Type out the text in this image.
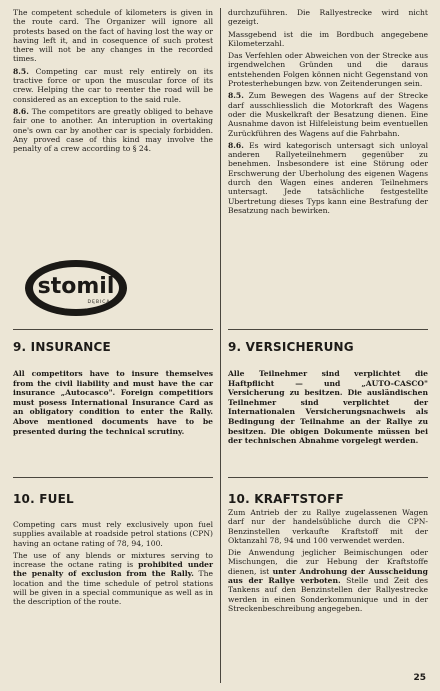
The competent schedule of kilometers is given in the route card. The Organizer will ignore all protests based on the fact of having lost the way or having left it, and in cosequence of such protest there will not be any changes in the recorded times.

8.5. Competing car must rely entirely on its tractive force or upon the muscular force of its crew. Helping the car to reenter the road will be considered as an exception to the said rule.

8.6. The competitors are greatly obliged to behave fair one to another. An interuption in overtaking one's own car by another car is specialy forbidden. Any proved case of this kind may involve the penalty of a crew according to § 24.

durchzuführen. Die Rallyestrecke wird nicht gezeigt.

Massgebend ist die im Bordbuch angegebene Kilometerzahl.

Das Verfehlen oder Abweichen von der Strecke aus irgendwelchen Gründen und die daraus entstehenden Folgen können nicht Gegenstand von Protesterhebungen bzw. von Zeitenderungen sein.

8.5. Zum Bewegen des Wagens auf der Strecke darf ausschliesslich die Motorkraft des Wagens oder die Muskelkraft der Besatzung dienen. Eine Ausnahme davon ist Hilfeleistung beim eventuellen Zurückführen des Wagens auf die Fahrbahn.

8.6. Es wird kategorisch untersagt sich unloyal anderen Rallyeteilnehmern gegenüber zu benehmen. Insbesondere ist eine Störung oder Erschwerung der Uberholung des eigenen Wagens durch den Wagen eines anderen Teilnehmers untersagt. Jede tatsächliche festgestellte Ubertretung dieses Typs kann eine Bestrafung der Besatzung nach bewirken.

stomil
DĘBICA
9. INSURANCE

All competitors have to insure themselves from the civil liability and must have the car insurance „Autocasco". Foreign competitiors must posess International Insurance Card as an obligatory condition to enter the Rally. Above mentioned documents have to be presented during the technical scrutiny.

9. VERSICHERUNG

Alle Teilnehmer sind verplichtet die Haftpflicht — und „AUTO-CASCO" Versicherung zu besitzen. Die ausländischen Teilnehmer sind verplichtet der Internationalen Versicherungsnachweis als Bedingung der Teilnahme an der Rallye zu besitzen. Die obigen Dokumente müssen bei der technischen Abnahme vorgelegt werden.

10. FUEL

Competing cars must rely exclusively upon fuel supplies available at roadside petrol stations (CPN) having an octane rating of 78, 94, 100.

The use of any blends or mixtures serving to increase the octane rating is prohibited under the penalty of exclusion from the Rally. The location and the time schedule of petrol stations will be given in a special communique as well as in the description of the route.

10. KRAFTSTOFF

Zum Antrieb der zu Rallye zugelassenen Wagen darf nur der handelsübliche durch die CPN-Benzinstellen verkaufte Kraftstoff mit der Oktanzahl 78, 94 und 100 verwendet werden.

Die Anwendung jeglicher Beimischungen oder Mischungen, die zur Hebung der Kraftstoffe dienen, ist unter Androhung der Ausscheidung aus der Rallye verboten. Stelle und Zeit des Tankens auf den Benzinstellen der Rallyestrecke werden in einen Sonderkommunique und in der Streckenbeschreibung angegeben.

25
